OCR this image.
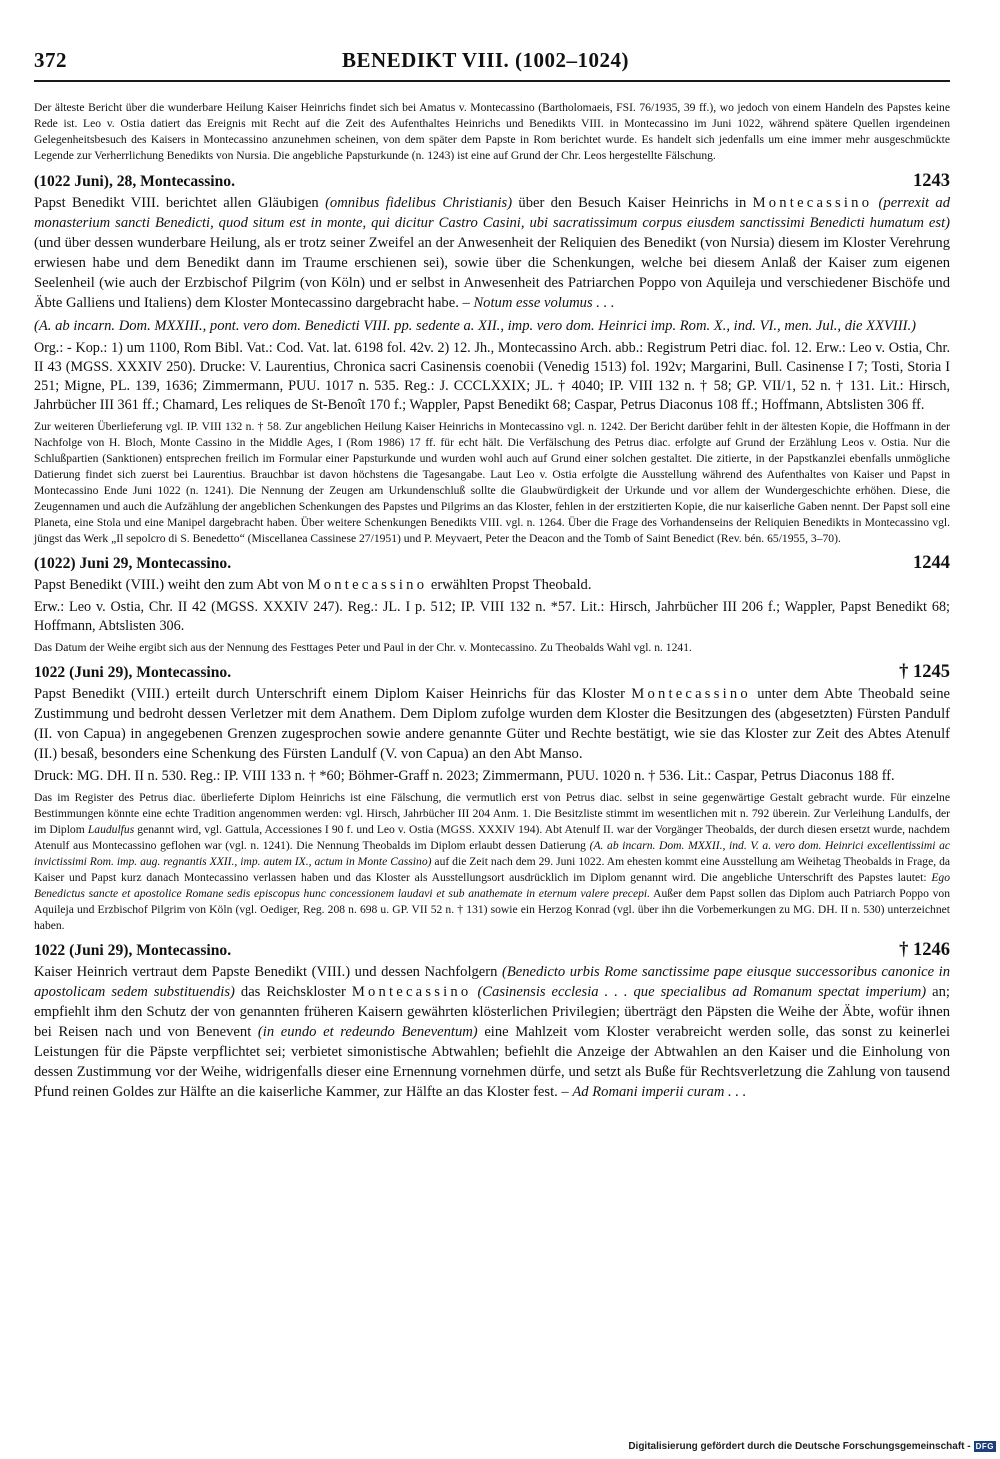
372	BENEDIKT VIII. (1002–1024)

Der älteste Bericht über die wunderbare Heilung Kaiser Heinrichs findet sich bei Amatus v. Montecassino (Bartholomaeis, FSI. 76/1935, 39 ff.), wo jedoch von einem Handeln des Papstes keine Rede ist. Leo v. Ostia datiert das Ereignis mit Recht auf die Zeit des Aufenthaltes Heinrichs und Benedikts VIII. in Montecassino im Juni 1022, während spätere Quellen irgendeinen Gelegenheitsbesuch des Kaisers in Montecassino anzunehmen scheinen, von dem später dem Papste in Rom berichtet wurde. Es handelt sich jedenfalls um eine immer mehr ausgeschmückte Legende zur Verherrlichung Benedikts von Nursia. Die angebliche Papsturkunde (n. 1243) ist eine auf Grund der Chr. Leos hergestellte Fälschung.

(1022 Juni), 28, Montecassino.	1243

Papst Benedikt VIII. berichtet allen Gläubigen (omnibus fidelibus Christianis) über den Besuch Kaiser Heinrichs in Montecassino (perrexit ad monasterium sancti Benedicti, quod situm est in monte, qui dicitur Castro Casini, ubi sacratissimum corpus eiusdem sanctissimi Benedicti humatum est) (und über dessen wunderbare Heilung, als er trotz seiner Zweifel an der Anwesenheit der Reliquien des Benedikt (von Nursia) diesem im Kloster Verehrung erwiesen habe und dem Benedikt dann im Traume erschienen sei), sowie über die Schenkungen, welche bei diesem Anlaß der Kaiser zum eigenen Seelenheil (wie auch der Erzbischof Pilgrim (von Köln) und er selbst in Anwesenheit des Patriarchen Poppo von Aquileja und verschiedener Bischöfe und Äbte Galliens und Italiens) dem Kloster Montecassino dargebracht habe. – Notum esse volumus . . .

(A. ab incarn. Dom. MXXIII., pont. vero dom. Benedicti VIII. pp. sedente a. XII., imp. vero dom. Heinrici imp. Rom. X., ind. VI., men. Jul., die XXVIII.)

Org.: - Kop.: 1) um 1100, Rom Bibl. Vat.: Cod. Vat. lat. 6198 fol. 42v. 2) 12. Jh., Montecassino Arch. abb.: Registrum Petri diac. fol. 12. Erw.: Leo v. Ostia, Chr. II 43 (MGSS. XXXIV 250). Drucke: V. Laurentius, Chronica sacri Casinensis coenobii (Venedig 1513) fol. 192v; Margarini, Bull. Casinense I 7; Tosti, Storia I 251; Migne, PL. 139, 1636; Zimmermann, PUU. 1017 n. 535. Reg.: J. CCCLXXIX; JL. † 4040; IP. VIII 132 n. † 58; GP. VII/1, 52 n. † 131. Lit.: Hirsch, Jahrbücher III 361 ff.; Chamard, Les reliques de St-Benoît 170 f.; Wappler, Papst Benedikt 68; Caspar, Petrus Diaconus 108 ff.; Hoffmann, Abtslisten 306 ff.

Zur weiteren Überlieferung vgl. IP. VIII 132 n. † 58. Zur angeblichen Heilung Kaiser Heinrichs in Montecassino vgl. n. 1242. Der Bericht darüber fehlt in der ältesten Kopie, die Hoffmann in der Nachfolge von H. Bloch, Monte Cassino in the Middle Ages, I (Rom 1986) 17 ff. für echt hält. Die Verfälschung des Petrus diac. erfolgte auf Grund der Erzählung Leos v. Ostia. Nur die Schlußpartien (Sanktionen) entsprechen freilich im Formular einer Papsturkunde und wurden wohl auch auf Grund einer solchen gestaltet. Die zitierte, in der Papstkanzlei ebenfalls unmögliche Datierung findet sich zuerst bei Laurentius. Brauchbar ist davon höchstens die Tagesangabe. Laut Leo v. Ostia erfolgte die Ausstellung während des Aufenthaltes von Kaiser und Papst in Montecassino Ende Juni 1022 (n. 1241). Die Nennung der Zeugen am Urkundenschluß sollte die Glaubwürdigkeit der Urkunde und vor allem der Wundergeschichte erhöhen. Diese, die Zeugennamen und auch die Aufzählung der angeblichen Schenkungen des Papstes und Pilgrims an das Kloster, fehlen in der erstzitierten Kopie, die nur kaiserliche Gaben nennt. Der Papst soll eine Planeta, eine Stola und eine Manipel dargebracht haben. Über weitere Schenkungen Benedikts VIII. vgl. n. 1264. Über die Frage des Vorhandenseins der Reliquien Benedikts in Montecassino vgl. jüngst das Werk „Il sepolcro di S. Benedetto“ (Miscellanea Cassinese 27/1951) und P. Meyvaert, Peter the Deacon and the Tomb of Saint Benedict (Rev. bén. 65/1955, 3–70).

(1022) Juni 29, Montecassino.	1244

Papst Benedikt (VIII.) weiht den zum Abt von Montecassino erwählten Propst Theobald.

Erw.: Leo v. Ostia, Chr. II 42 (MGSS. XXXIV 247). Reg.: JL. I p. 512; IP. VIII 132 n. *57. Lit.: Hirsch, Jahrbücher III 206 f.; Wappler, Papst Benedikt 68; Hoffmann, Abtslisten 306.

Das Datum der Weihe ergibt sich aus der Nennung des Festtages Peter und Paul in der Chr. v. Montecassino. Zu Theobalds Wahl vgl. n. 1241.

1022 (Juni 29), Montecassino.	† 1245

Papst Benedikt (VIII.) erteilt durch Unterschrift einem Diplom Kaiser Heinrichs für das Kloster Montecassino unter dem Abte Theobald seine Zustimmung und bedroht dessen Verletzer mit dem Anathem. Dem Diplom zufolge wurden dem Kloster die Besitzungen des (abgesetzten) Fürsten Pandulf (II. von Capua) in angegebenen Grenzen zugesprochen sowie andere genannte Güter und Rechte bestätigt, wie sie das Kloster zur Zeit des Abtes Atenulf (II.) besaß, besonders eine Schenkung des Fürsten Landulf (V. von Capua) an den Abt Manso.

Druck: MG. DH. II n. 530. Reg.: IP. VIII 133 n. † *60; Böhmer-Graff n. 2023; Zimmermann, PUU. 1020 n. † 536. Lit.: Caspar, Petrus Diaconus 188 ff.

Das im Register des Petrus diac. überlieferte Diplom Heinrichs ist eine Fälschung, die vermutlich erst von Petrus diac. selbst in seine gegenwärtige Gestalt gebracht wurde. Für einzelne Bestimmungen könnte eine echte Tradition angenommen werden: vgl. Hirsch, Jahrbücher III 204 Anm. 1. Die Besitzliste stimmt im wesentlichen mit n. 792 überein. Zur Verleihung Landulfs, der im Diplom Laudulfus genannt wird, vgl. Gattula, Accessiones I 90 f. und Leo v. Ostia (MGSS. XXXIV 194). Abt Atenulf II. war der Vorgänger Theobalds, der durch diesen ersetzt wurde, nachdem Atenulf aus Montecassino geflohen war (vgl. n. 1241). Die Nennung Theobalds im Diplom erlaubt dessen Datierung (A. ab incarn. Dom. MXXII., ind. V. a. vero dom. Heinrici excellentissimi ac invictissimi Rom. imp. aug. regnantis XXII., imp. autem IX., actum in Monte Cassino) auf die Zeit nach dem 29. Juni 1022. Am ehesten kommt eine Ausstellung am Weihetag Theobalds in Frage, da Kaiser und Papst kurz danach Montecassino verlassen haben und das Kloster als Ausstellungsort ausdrücklich im Diplom genannt wird. Die angebliche Unterschrift des Papstes lautet: Ego Benedictus sancte et apostolice Romane sedis episcopus hunc concessionem laudavi et sub anathemate in eternum valere precepi. Außer dem Papst sollen das Diplom auch Patriarch Poppo von Aquileja und Erzbischof Pilgrim von Köln (vgl. Oediger, Reg. 208 n. 698 u. GP. VII 52 n. † 131) sowie ein Herzog Konrad (vgl. über ihn die Vorbemerkungen zu MG. DH. II n. 530) unterzeichnet haben.

1022 (Juni 29), Montecassino.	† 1246

Kaiser Heinrich vertraut dem Papste Benedikt (VIII.) und dessen Nachfolgern (Benedicto urbis Rome sanctissime pape eiusque successoribus canonice in apostolicam sedem substituendis) das Reichskloster Montecassino (Casinensis ecclesia . . . que specialibus ad Romanum spectat imperium) an; empfiehlt ihm den Schutz der von genannten früheren Kaisern gewährten klösterlichen Privilegien; überträgt den Päpsten die Weihe der Äbte, wofür ihnen bei Reisen nach und von Benevent (in eundo et redeundo Beneventum) eine Mahlzeit vom Kloster verabreicht werden solle, das sonst zu keinerlei Leistungen für die Päpste verpflichtet sei; verbietet simonistische Abtwahlen; befiehlt die Anzeige der Abtwahlen an den Kaiser und die Einholung von dessen Zustimmung vor der Weihe, widrigenfalls dieser eine Ernennung vornehmen dürfe, und setzt als Buße für Rechtsverletzung die Zahlung von tausend Pfund reinen Goldes zur Hälfte an die kaiserliche Kammer, zur Hälfte an das Kloster fest. – Ad Romani imperii curam . . .

Digitalisierung gefördert durch die Deutsche Forschungsgemeinschaft - DFG
